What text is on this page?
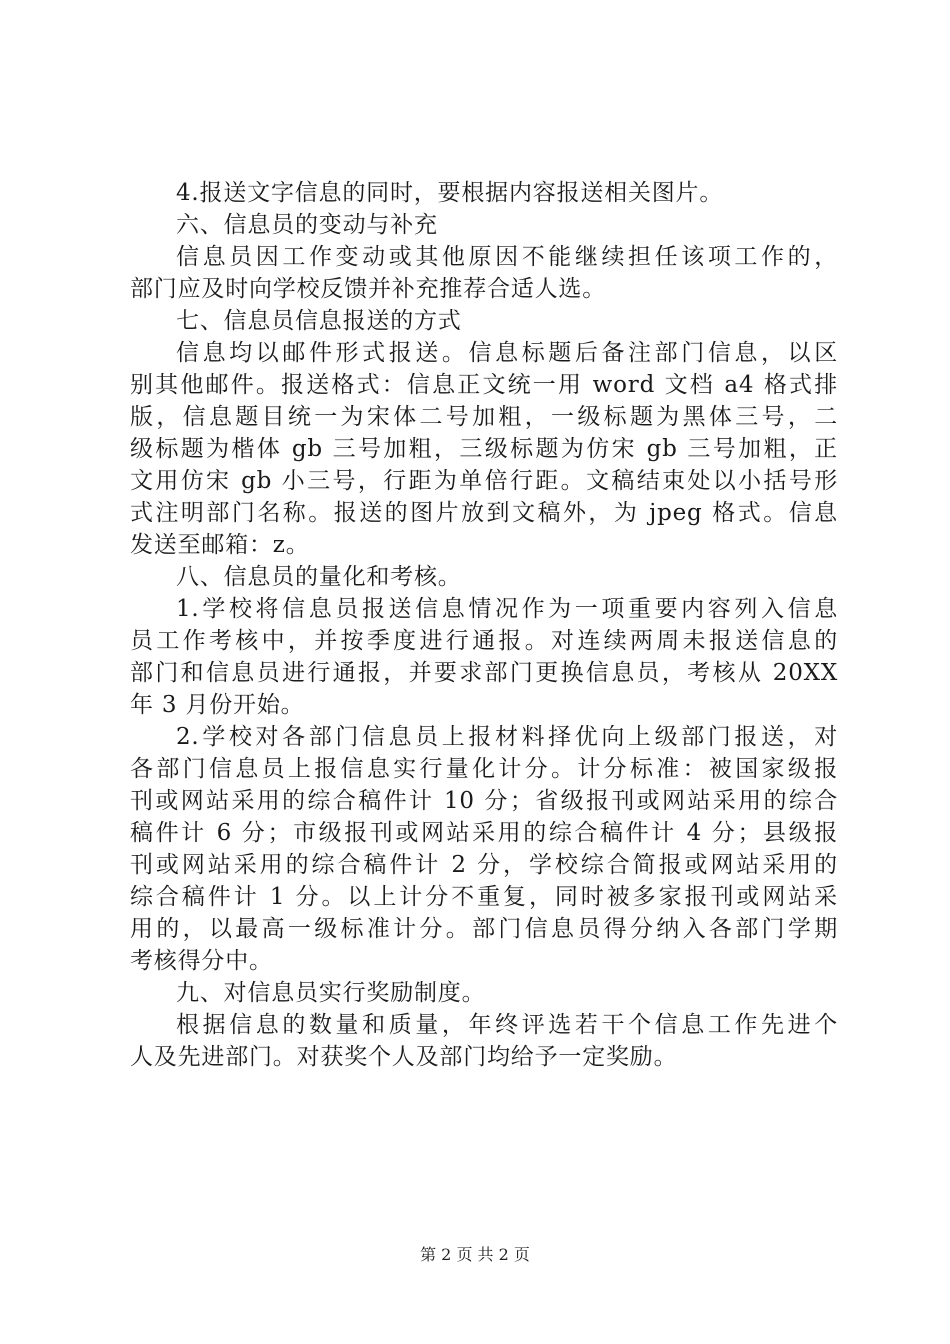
4.报送文字信息的同时，要根据内容报送相关图片。
六、信息员的变动与补充
信息员因工作变动或其他原因不能继续担任该项工作的，
部门应及时向学校反馈并补充推荐合适人选。
七、信息员信息报送的方式
信息均以邮件形式报送。信息标题后备注部门信息，以区
别其他邮件。报送格式：信息正文统一用 word 文档 a4 格式排
版，信息题目统一为宋体二号加粗，一级标题为黑体三号，二
级标题为楷体 gb 三号加粗，三级标题为仿宋 gb 三号加粗，正
文用仿宋 gb 小三号，行距为单倍行距。文稿结束处以小括号形
式注明部门名称。报送的图片放到文稿外，为 jpeg 格式。信息
发送至邮箱：z。
八、信息员的量化和考核。
1.学校将信息员报送信息情况作为一项重要内容列入信息
员工作考核中，并按季度进行通报。对连续两周未报送信息的
部门和信息员进行通报，并要求部门更换信息员，考核从 20XX
年 3 月份开始。
2.学校对各部门信息员上报材料择优向上级部门报送，对
各部门信息员上报信息实行量化计分。计分标准：被国家级报
刊或网站采用的综合稿件计 10 分；省级报刊或网站采用的综合
稿件计 6 分；市级报刊或网站采用的综合稿件计 4 分；县级报
刊或网站采用的综合稿件计 2 分，学校综合简报或网站采用的
综合稿件计 1 分。以上计分不重复，同时被多家报刊或网站采
用的，以最高一级标准计分。部门信息员得分纳入各部门学期
考核得分中。
九、对信息员实行奖励制度。
根据信息的数量和质量，年终评选若干个信息工作先进个
人及先进部门。对获奖个人及部门均给予一定奖励。
第 2 页 共 2 页
